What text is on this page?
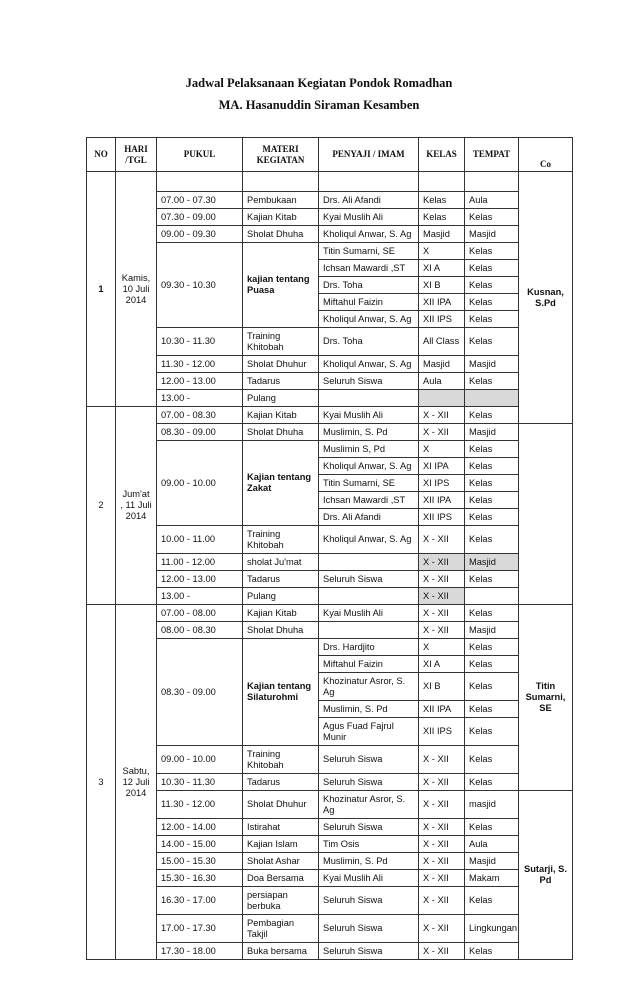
Jadwal Pelaksanaan Kegiatan Pondok Romadhan
MA. Hasanuddin Siraman Kesamben
NO	HARI /TGL	PUKUL	MATERI KEGIATAN	PENYAJI / IMAM	KELAS	TEMPAT	Co	
1	Kamis, 10 Juli 2014						Kusnan, S.Pd	
		07.00 - 07.30	Pembukaan	Drs. Ali Afandi	Kelas	Aula		
		07.30 - 09.00	Kajian Kitab	Kyai Muslih Ali	Kelas	Kelas		
		09.00 - 09.30	Sholat Dhuha	Kholiqul Anwar, S. Ag	Masjid	Masjid		
		09.30 - 10.30	kajian tentang Puasa	Titin Sumarni, SE	X	Kelas		
				Ichsan Mawardi ,ST	XI A	Kelas		
				Drs. Toha	XI B	Kelas		
				Miftahul Faizin	XII IPA	Kelas		
				Kholiqul Anwar, S. Ag	XII IPS	Kelas		
		10.30 - 11.30	Training Khitobah	Drs. Toha	All Class	Kelas		
		11.30 - 12.00	Sholat Dhuhur	Kholiqul Anwar, S. Ag	Masjid	Masjid		
		12.00 - 13.00	Tadarus	Seluruh Siswa	Aula	Kelas		
		13.00 -	Pulang					
2	Jum'at , 11 Juli 2014	07.00 - 08.30	Kajian Kitab	Kyai Muslih Ali	X - XII	Kelas	
		08.30 - 09.00	Sholat Dhuha	Muslimin, S. Pd	X - XII	Masjid		
		09.00 - 10.00	Kajian tentang Zakat	Muslimin S, Pd	X	Kelas		
				Kholiqul Anwar, S. Ag	XI IPA	Kelas		
				Titin Sumarni, SE	XI IPS	Kelas		
				Ichsan Mawardi ,ST	XII IPA	Kelas		
				Drs. Ali Afandi	XII IPS	Kelas		
		10.00 - 11.00	Training Khitobah	Kholiqul Anwar, S. Ag	X - XII	Kelas		
		11.00 - 12.00	sholat Ju'mat		X - XII	Masjid		
		12.00 - 13.00	Tadarus	Seluruh Siswa	X - XII	Kelas		
		13.00 -	Pulang		X - XII			
3	Sabtu, 12 Juli 2014	07.00 - 08.00	Kajian Kitab	Kyai Muslih Ali	X - XII	Kelas	Titin Sumarni, SE	
		08.00 - 08.30	Sholat Dhuha		X - XII	Masjid		
		08.30 - 09.00	Kajian tentang Silaturohmi	Drs. Hardjito	X	Kelas		
				Miftahul Faizin	XI A	Kelas		
				Khozinatur Asror, S. Ag	XI B	Kelas		
				Muslimin, S. Pd	XII IPA	Kelas		
				Agus Fuad Fajrul Munir	XII IPS	Kelas		
		09.00 - 10.00	Training Khitobah	Seluruh Siswa	X - XII	Kelas		
		10.30 - 11.30	Tadarus	Seluruh Siswa	X - XII	Kelas		
		11.30 - 12.00	Sholat Dhuhur	Khozinatur Asror, S. Ag	X - XII	masjid	Sutarji, S. Pd	
		12.00 - 14.00	Istirahat	Seluruh Siswa	X - XII	Kelas		
		14.00 - 15.00	Kajian Islam	Tim Osis	X - XII	Aula		
		15.00 - 15.30	Sholat Ashar	Muslimin, S. Pd	X - XII	Masjid		
		15.30 - 16.30	Doa Bersama	Kyai Muslih Ali	X - XII	Makam		
		16.30 - 17.00	persiapan berbuka	Seluruh Siswa	X - XII	Kelas		
		17.00 - 17.30	Pembagian Takjil	Seluruh Siswa	X - XII	Lingkungan		
		17.30 - 18.00	Buka bersama	Seluruh Siswa	X - XII	Kelas		
